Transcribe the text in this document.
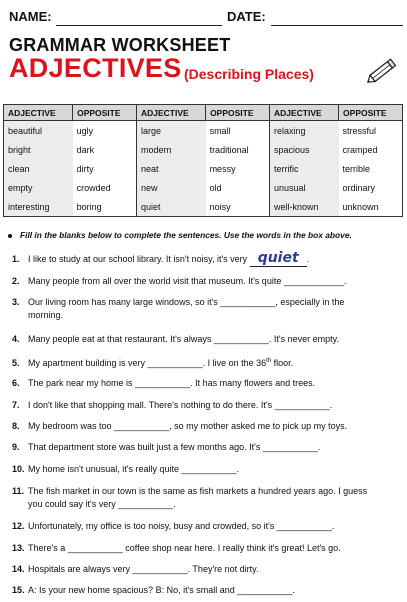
NAME:	DATE:
GRAMMAR WORKSHEET
ADJECTIVES (Describing Places)
ADJECTIVE	OPPOSITE	ADJECTIVE	OPPOSITE	ADJECTIVE	OPPOSITE
beautiful	ugly	large	small	relaxing	stressful
bright	dark	modern	traditional	spacious	cramped
clean	dirty	neat	messy	terrific	terrible
empty	crowded	new	old	unusual	ordinary
interesting	boring	quiet	noisy	well-known	unknown
Fill in the blanks below to complete the sentences. Use the words in the box above.
1. I like to study at our school library. It isn't noisy, it's very quiet .
2. Many people from all over the world visit that museum. It's quite ____________.
3. Our living room has many large windows, so it's ___________, especially in the
morning.
4. Many people eat at that restaurant. It's always ___________. It's never empty.
5. My apartment building is very ___________. I live on the 36th floor.
6. The park near my home is ___________. It has many flowers and trees.
7. I don't like that shopping mall. There's nothing to do there. It's ___________.
8. My bedroom was too ___________, so my mother asked me to pick up my toys.
9. That department store was built just a few months ago. It's ___________.
10. My home isn't unusual, it's really quite ___________.
11. The fish market in our town is the same as fish markets a hundred years ago. I guess
you could say it's very ___________.
12. Unfortunately, my office is too noisy, busy and crowded, so it's ___________.
13. There's a ___________ coffee shop near here. I really think it's great! Let's go.
14. Hospitals are always very ___________. They're not dirty.
15. A: Is your new home spacious? B: No, it's small and ___________.
